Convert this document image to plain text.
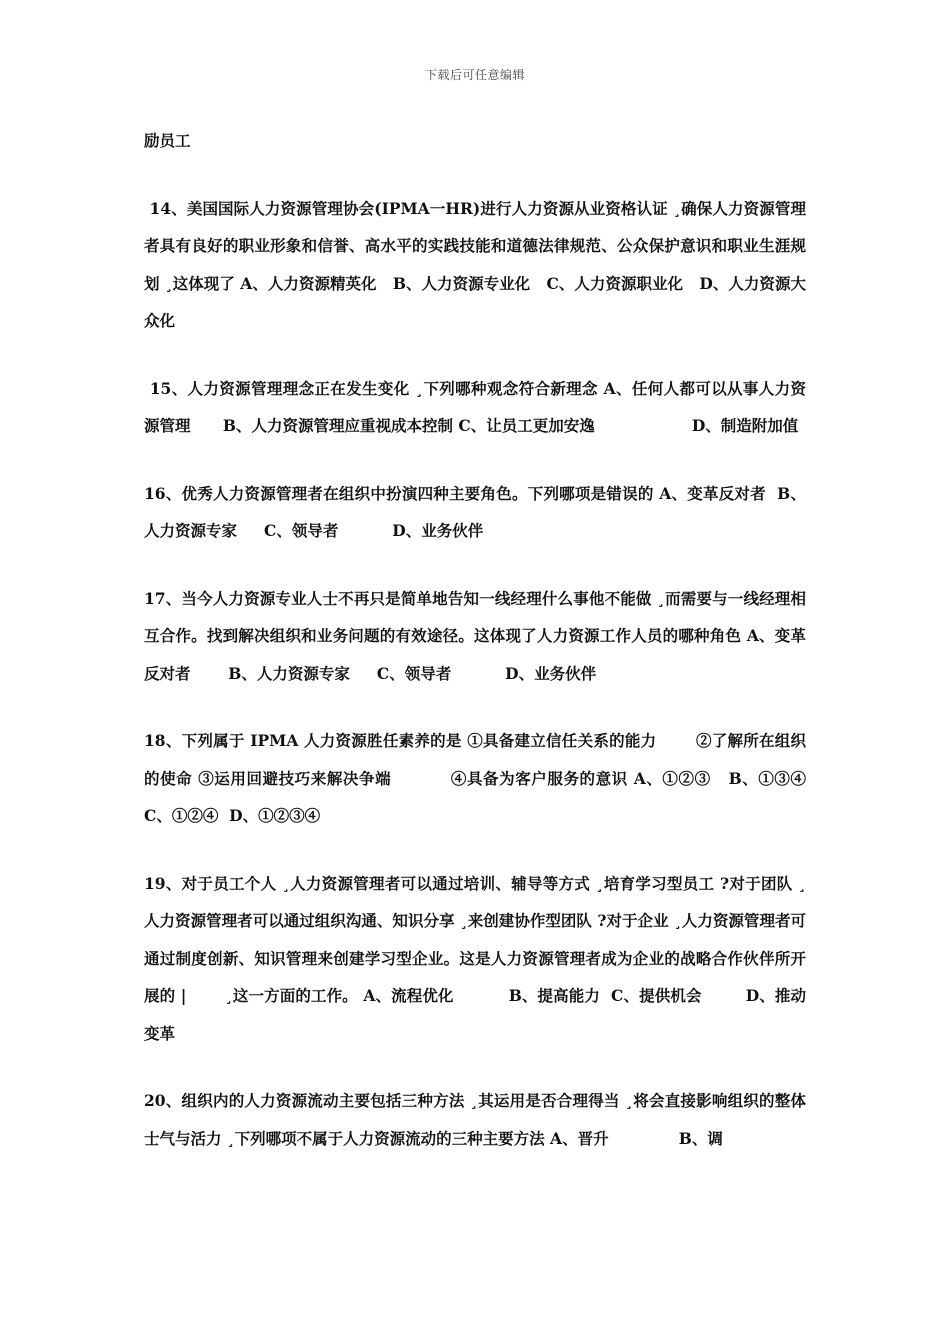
下载后可任意编辑

励员工

14、美国国际人力资源管理协会(IPMA一HR)进行人力资源从业资格认证 ¸确保人力资源管理者具有良好的职业形象和信誉、高水平的实践技能和道德法律规范、公众保护意识和职业生涯规划 ¸这体现了 A、人力资源精英化   B、人力资源专业化   C、人力资源职业化   D、人力资源大众化

15、人力资源管理理念正在发生变化 ¸下列哪种观念符合新理念 A、任何人都可以从事人力资源管理      B、人力资源管理应重视成本控制 C、让员工更加安逸                  D、制造附加值

16、优秀人力资源管理者在组织中扮演四种主要角色。下列哪项是错误的 A、变革反对者  B、人力资源专家     C、领导者          D、业务伙伴

17、当今人力资源专业人士不再只是简单地告知一线经理什么事他不能做 ¸而需要与一线经理相互合作。找到解决组织和业务问题的有效途径。这体现了人力资源工作人员的哪种角色 A、变革反对者       B、人力资源专家     C、领导者          D、业务伙伴

18、下列属于 IPMA 人力资源胜任素养的是 ①具备建立信任关系的能力       ②了解所在组织的使命 ③运用回避技巧来解决争端          ④具备为客户服务的意识 A、①②③   B、①③④  C、①②④  D、①②③④

19、对于员工个人 ¸人力资源管理者可以通过培训、辅导等方式 ¸培育学习型员工 ?对于团队 ¸人力资源管理者可以通过组织沟通、知识分享 ¸来创建协作型团队 ?对于企业 ¸人力资源管理者可通过制度创新、知识管理来创建学习型企业。这是人力资源管理者成为企业的战略合作伙伴所开展的 |       ¸这一方面的工作。 A、流程优化          B、提高能力  C、提供机会        D、推动变革

20、组织内的人力资源流动主要包括三种方法 ¸其运用是否合理得当 ¸将会直接影响组织的整体士气与活力 ¸下列哪项不属于人力资源流动的三种主要方法 A、晋升             B、调
